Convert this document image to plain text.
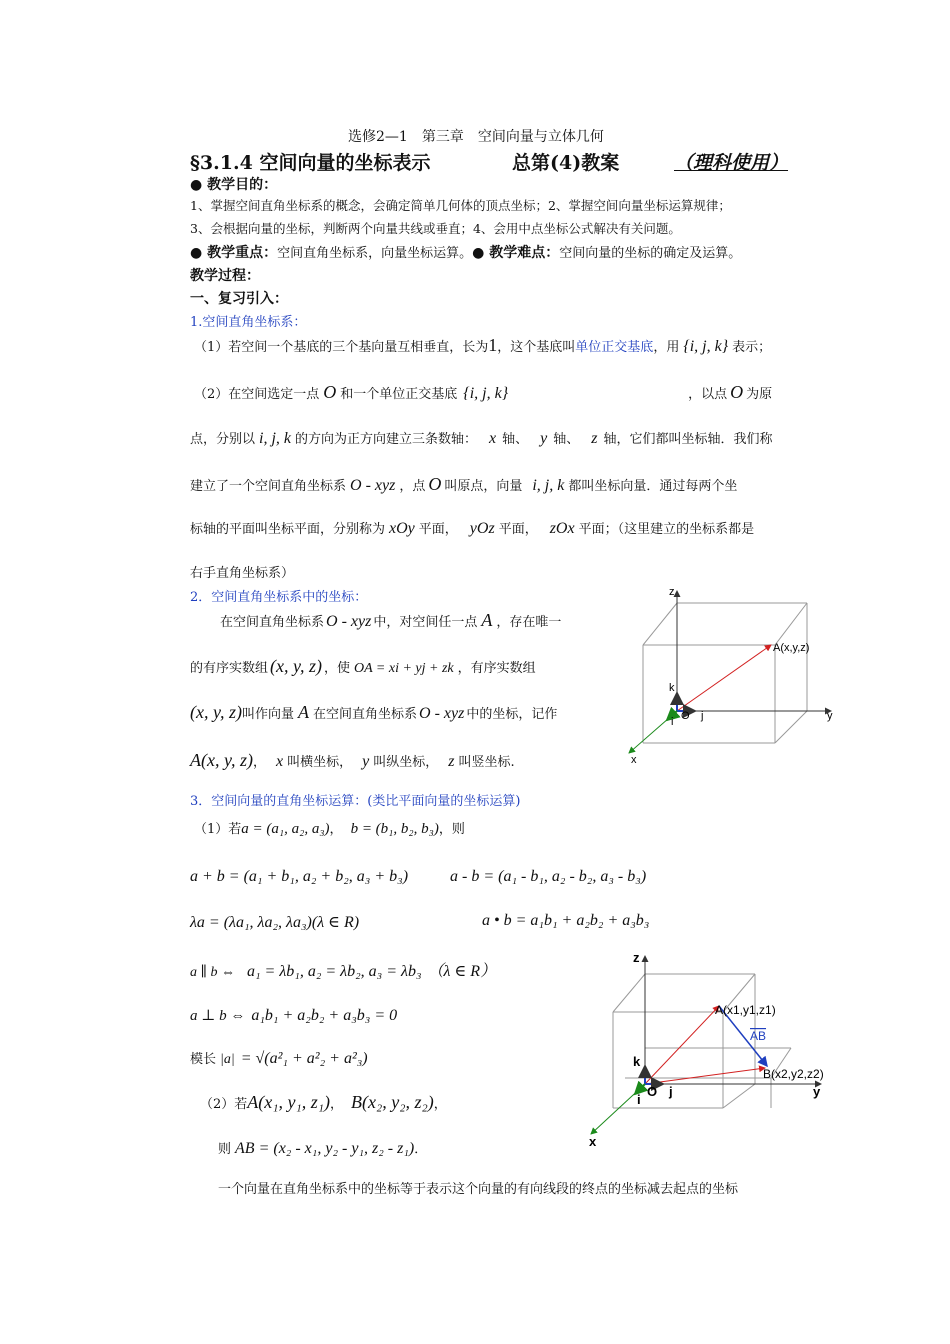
选修2—1　第三章　空间向量与立体几何
§3.1.4 空间向量的坐标表示	总第(4)教案	（理科使用）
● 教学目的：
1、掌握空间直角坐标系的概念，会确定简单几何体的顶点坐标；2、掌握空间向量坐标运算规律；
3、会根据向量的坐标，判断两个向量共线或垂直；4、会用中点坐标公式解决有关问题。
● 教学重点：空间直角坐标系，向量坐标运算。● 教学难点：空间向量的坐标的确定及运算。
教学过程：
一、复习引入：
1.空间直角坐标系：
（1）若空间一个基底的三个基向量互相垂直，长为1，这个基底叫单位正交基底，用 {i, j, k} 表示；
（2）在空间选定一点 O 和一个单位正交基底 {i, j, k}	，以点 O 为原
点，分别以 i, j, k 的方向为正方向建立三条数轴： x 轴、 y 轴、 z 轴，它们都叫坐标轴．我们称
建立了一个空间直角坐标系 O - xyz ，点 O 叫原点，向量 i, j, k 都叫坐标向量．通过每两个坐
标轴的平面叫坐标平面，分别称为 xOy 平面， yOz 平面， zOx 平面；（这里建立的坐标系都是
右手直角坐标系）
2．空间直角坐标系中的坐标：
在空间直角坐标系 O - xyz 中，对空间任一点 A ，存在唯一
的有序实数组 (x, y, z) ，使 OA = xi + yj + zk ，有序实数组
(x, y, z)叫作向量 A 在空间直角坐标系 O - xyz 中的坐标，记作
A(x, y, z)， x 叫横坐标， y 叫纵坐标， z 叫竖坐标.
z
y
x
O j
k
i
A(x,y,z)
3．空间向量的直角坐标运算：(类比平面向量的坐标运算)
（1）若a = (a₁, a₂, a₃)， b = (b₁, b₂, b₃)，则
a + b = (a₁ + b₁, a₂ + b₂, a₃ + b₃)	a - b = (a₁ - b₁, a₂ - b₂, a₃ - b₃)
λa = (λa₁, λa₂, λa₃)(λ ∈ R)	a • b = a₁b₁ + a₂b₂ + a₃b₃
a ∥ b ⇔ a₁ = λb₁, a₂ = λb₂, a₃ = λb₃ （λ ∈ R）
a ⊥ b ⇔ a₁b₁ + a₂b₂ + a₃b₃ = 0
模长 |a| = √(a²₁ + a²₂ + a²₃)
（2）若A(x₁, y₁, z₁)， B(x₂, y₂, z₂)，
则 AB = (x₂ - x₁, y₂ - y₁, z₂ - z₁)．
一个向量在直角坐标系中的坐标等于表示这个向量的有向线段的终点的坐标减去起点的坐标
z
y
x
O j
k
i
A(x1,y1,z1)
AB
B(x2,y2,z2)
